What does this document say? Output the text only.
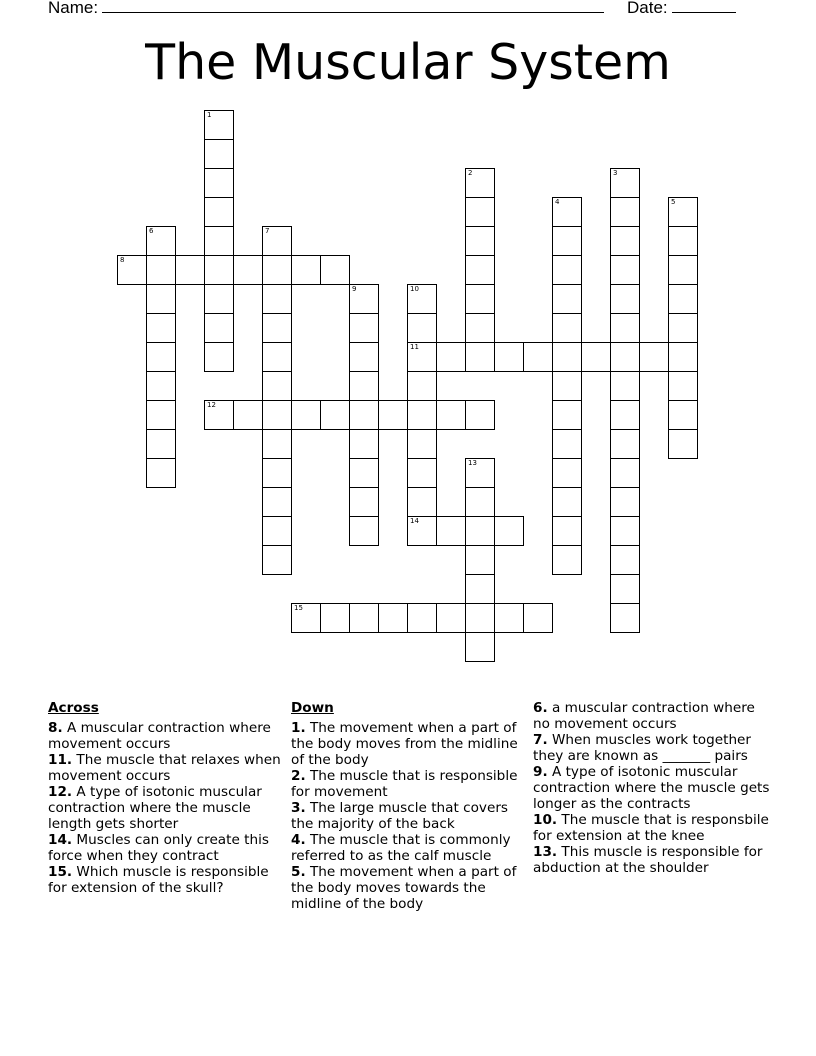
Name:	Date:
The Muscular System
1
2	3
4	5
6	7
8
9	10
11
14
12
13
15
Across
8. A muscular contraction where movement occurs
11. The muscle that relaxes when movement occurs
12. A type of isotonic muscular contraction where the muscle length gets shorter
14. Muscles can only create this force when they contract
15. Which muscle is responsible for extension of the skull?
Down
1. The movement when a part of the body moves from the midline of the body
2. The muscle that is responsible for movement
3. The large muscle that covers the majority of the back
4. The muscle that is commonly referred to as the calf muscle
5. The movement when a part of the body moves towards the midline of the body
6. a muscular contraction where no movement occurs
7. When muscles work together they are known as _______ pairs
9. A type of isotonic muscular contraction where the muscle gets longer as the contracts
10. The muscle that is responsbile for extension at the knee
13. This muscle is responsible for abduction at the shoulder
